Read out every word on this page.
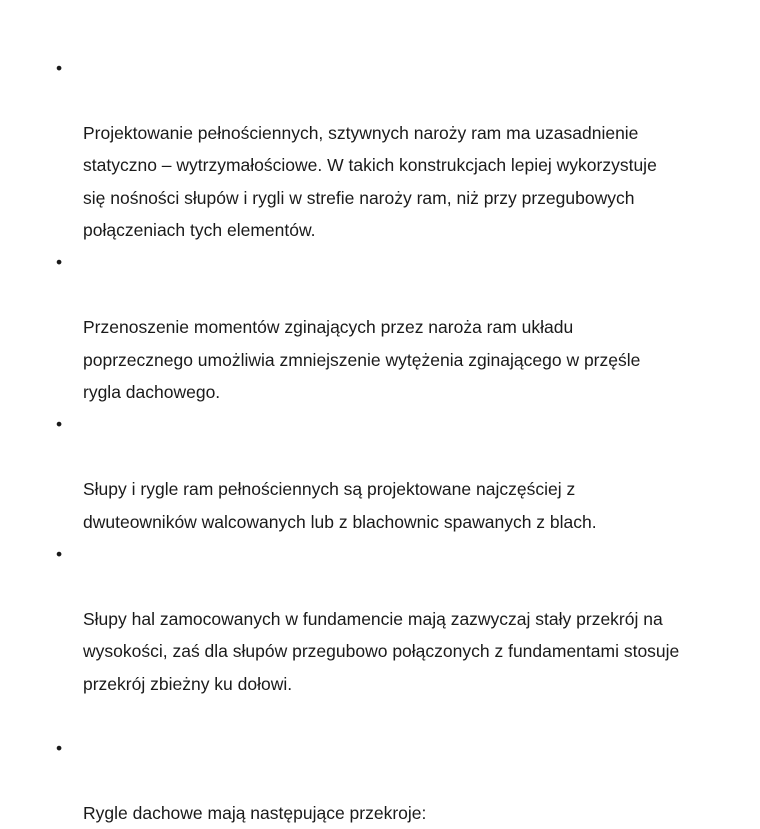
•

Projektowanie pełnościennych, sztywnych naroży ram ma uzasadnienie
statyczno – wytrzymałościowe. W takich konstrukcjach lepiej wykorzystuje
się nośności słupów i rygli w strefie naroży ram, niż przy przegubowych
połączeniach tych elementów.

•

Przenoszenie momentów zginających przez naroża ram układu
poprzecznego umożliwia zmniejszenie wytężenia zginającego w przęśle
rygla dachowego.

•

Słupy i rygle ram pełnościennych są projektowane najczęściej z
dwuteowników walcowanych lub z blachownic spawanych z blach.

•

Słupy hal zamocowanych w fundamencie mają zazwyczaj stały przekrój na
wysokości, zaś dla słupów przegubowo połączonych z fundamentami stosuje
przekrój zbieżny ku dołowi.

•

Rygle dachowe mają następujące przekroje:
